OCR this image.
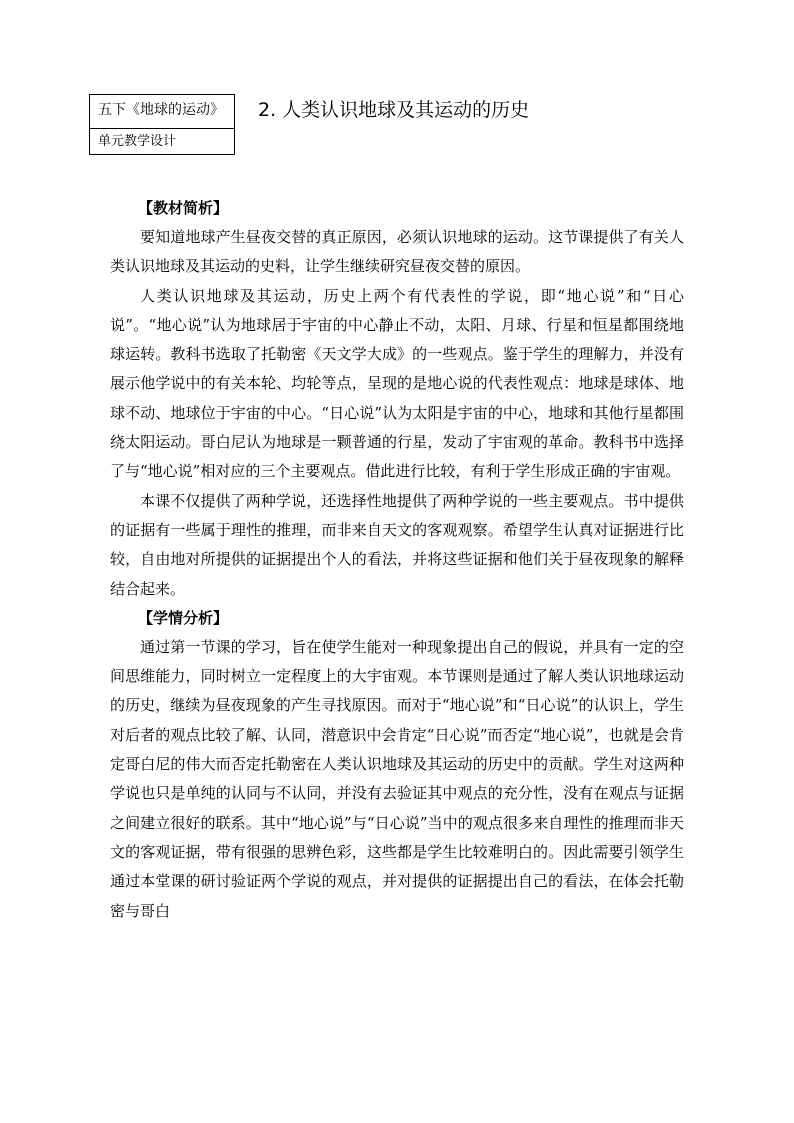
五下《地球的运动》
单元教学设计
2. 人类认识地球及其运动的历史
【教材简析】

要知道地球产生昼夜交替的真正原因，必须认识地球的运动。这节课提供了有关人类认识地球及其运动的史料，让学生继续研究昼夜交替的原因。

人类认识地球及其运动，历史上两个有代表性的学说，即“地心说”和“日心说”。“地心说”认为地球居于宇宙的中心静止不动，太阳、月球、行星和恒星都围绕地球运转。教科书选取了托勒密《天文学大成》的一些观点。鉴于学生的理解力，并没有展示他学说中的有关本轮、均轮等点，呈现的是地心说的代表性观点：地球是球体、地球不动、地球位于宇宙的中心。“日心说”认为太阳是宇宙的中心，地球和其他行星都围绕太阳运动。哥白尼认为地球是一颗普通的行星，发动了宇宙观的革命。教科书中选择了与“地心说”相对应的三个主要观点。借此进行比较，有利于学生形成正确的宇宙观。

本课不仅提供了两种学说，还选择性地提供了两种学说的一些主要观点。书中提供的证据有一些属于理性的推理，而非来自天文的客观观察。希望学生认真对证据进行比较，自由地对所提供的证据提出个人的看法，并将这些证据和他们关于昼夜现象的解释结合起来。

【学情分析】

通过第一节课的学习，旨在使学生能对一种现象提出自己的假说，并具有一定的空间思维能力，同时树立一定程度上的大宇宙观。本节课则是通过了解人类认识地球运动的历史，继续为昼夜现象的产生寻找原因。而对于“地心说”和“日心说”的认识上，学生对后者的观点比较了解、认同，潜意识中会肯定“日心说”而否定“地心说”，也就是会肯定哥白尼的伟大而否定托勒密在人类认识地球及其运动的历史中的贡献。学生对这两种学说也只是单纯的认同与不认同，并没有去验证其中观点的充分性，没有在观点与证据之间建立很好的联系。其中“地心说”与“日心说”当中的观点很多来自理性的推理而非天文的客观证据，带有很强的思辨色彩，这些都是学生比较难明白的。因此需要引领学生通过本堂课的研讨验证两个学说的观点，并对提供的证据提出自己的看法，在体会托勒密与哥白
